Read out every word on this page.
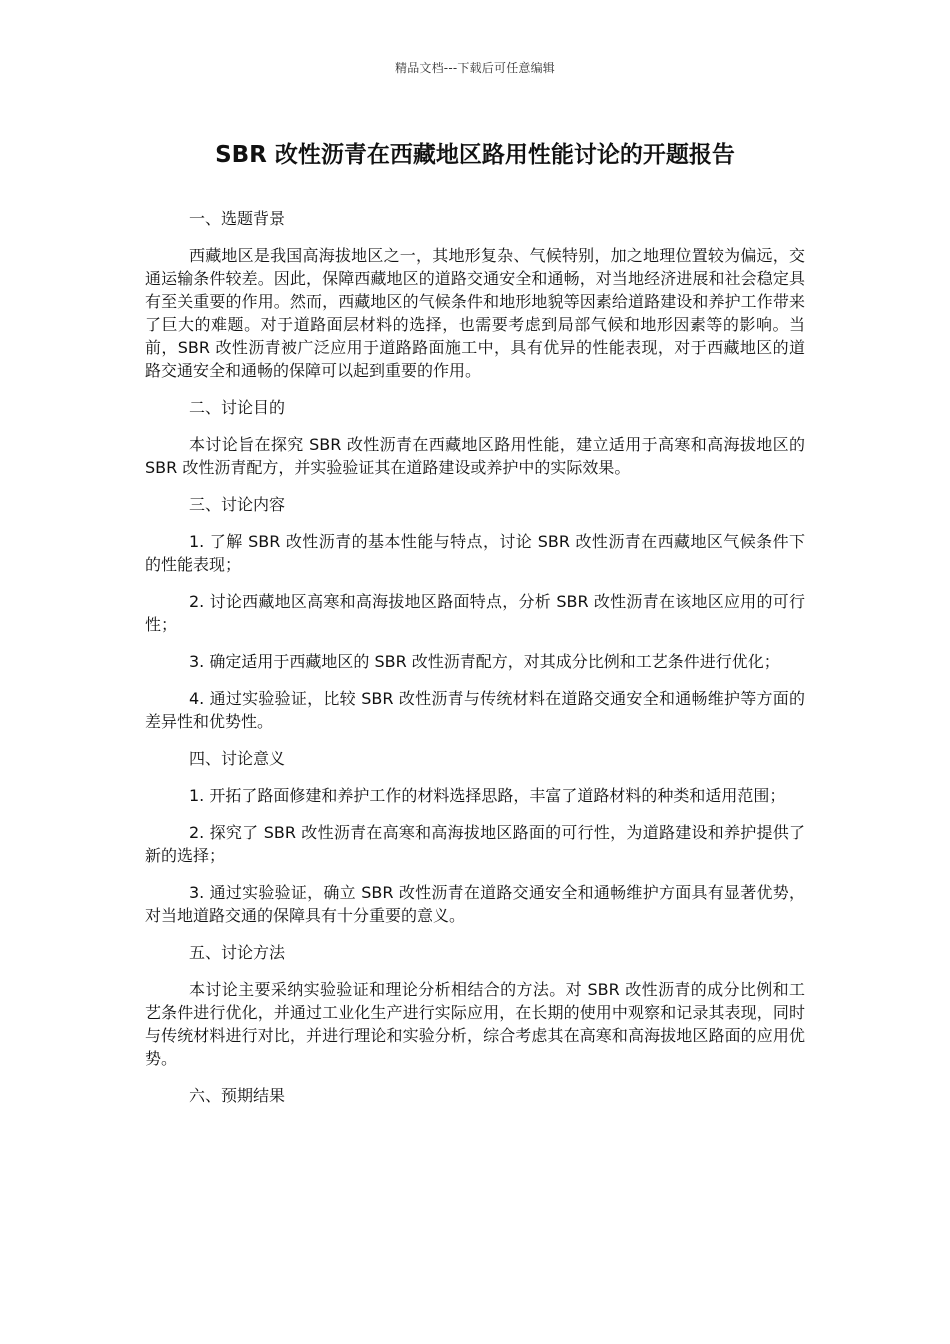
精品文档---下载后可任意编辑
SBR 改性沥青在西藏地区路用性能讨论的开题报告
一、选题背景

西藏地区是我国高海拔地区之一，其地形复杂、气候特别，加之地理位置较为偏远，交通运输条件较差。因此，保障西藏地区的道路交通安全和通畅，对当地经济进展和社会稳定具有至关重要的作用。然而，西藏地区的气候条件和地形地貌等因素给道路建设和养护工作带来了巨大的难题。对于道路面层材料的选择，也需要考虑到局部气候和地形因素等的影响。当前，SBR 改性沥青被广泛应用于道路路面施工中，具有优异的性能表现，对于西藏地区的道路交通安全和通畅的保障可以起到重要的作用。

二、讨论目的

本讨论旨在探究 SBR 改性沥青在西藏地区路用性能，建立适用于高寒和高海拔地区的 SBR 改性沥青配方，并实验验证其在道路建设或养护中的实际效果。

三、讨论内容

1. 了解 SBR 改性沥青的基本性能与特点，讨论 SBR 改性沥青在西藏地区气候条件下的性能表现；

2. 讨论西藏地区高寒和高海拔地区路面特点，分析 SBR 改性沥青在该地区应用的可行性；

3. 确定适用于西藏地区的 SBR 改性沥青配方，对其成分比例和工艺条件进行优化；

4. 通过实验验证，比较 SBR 改性沥青与传统材料在道路交通安全和通畅维护等方面的差异性和优势性。

四、讨论意义

1. 开拓了路面修建和养护工作的材料选择思路，丰富了道路材料的种类和适用范围；

2. 探究了 SBR 改性沥青在高寒和高海拔地区路面的可行性，为道路建设和养护提供了新的选择；

3. 通过实验验证，确立 SBR 改性沥青在道路交通安全和通畅维护方面具有显著优势，对当地道路交通的保障具有十分重要的意义。

五、讨论方法

本讨论主要采纳实验验证和理论分析相结合的方法。对 SBR 改性沥青的成分比例和工艺条件进行优化，并通过工业化生产进行实际应用，在长期的使用中观察和记录其表现，同时与传统材料进行对比，并进行理论和实验分析，综合考虑其在高寒和高海拔地区路面的应用优势。

六、预期结果
